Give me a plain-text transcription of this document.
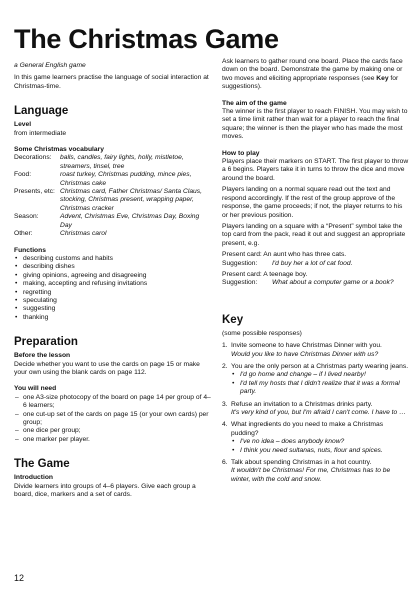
The Christmas Game

a General English game

In this game learners practise the language of social interaction at Christmas-time.

Language
Level

from intermediate

Some Christmas vocabulary
Decorations:	balls, candles, fairy lights, holly, mistletoe, streamers, tinsel, tree
Food:	roast turkey, Christmas pudding, mince pies, Christmas cake
Presents, etc: Christmas card, Father Christmas/ Santa Claus, stocking, Christmas present, wrapping paper, Christmas cracker
Season:	Advent, Christmas Eve, Christmas Day, Boxing Day
Other:	Christmas carol
Functions
• describing customs and habits
• describing dishes
• giving opinions, agreeing and disagreeing
• making, accepting and refusing invitations
• regretting
• speculating
• suggesting
• thanking
Preparation
Before the lesson

Decide whether you want to use the cards on page 15 or make your own using the blank cards on page 112.

You will need
– one A3-size photocopy of the board on page 14 per group of 4–6 learners;
– one cut-up set of the cards on page 15 (or your own cards) per group;
– one dice per group;
– one marker per player.
The Game
Introduction

Divide learners into groups of 4–6 players. Give each group a board, dice, markers and a set of cards.

Ask learners to gather round one board. Place the cards face down on the board. Demonstrate the game by making one or two moves and eliciting appropriate responses (see Key for suggestions).

The aim of the game

The winner is the first player to reach FINISH. You may wish to set a time limit rather than wait for a player to reach the final square; the winner is then the player who has made the most moves.

How to play

Players place their markers on START. The first player to throw a 6 begins. Players take it in turns to throw the dice and move around the board.

Players landing on a normal square read out the text and respond accordingly. If the rest of the group approve of the response, the game proceeds; if not, the player returns to his or her previous position.

Players landing on a square with a “Present” symbol take the top card from the pack, read it out and suggest an appropriate present, e.g.

Present card: An aunt who has three cats.

Suggestion:	I'd buy her a lot of cat food.

Present card: A teenage boy.

Suggestion:	What about a computer game or a book?
Key

(some possible responses)

1. Invite someone to have Christmas Dinner with you.

Would you like to have Christmas Dinner with us?

2. You are the only person at a Christmas party wearing jeans.

• I'd go home and change – if I lived nearby!
• I'd tell my hosts that I didn't realize that it was a formal party.
3. Refuse an invitation to a Christmas drinks party.

It's very kind of you, but I'm afraid I can't come. I have to …

4. What ingredients do you need to make a Christmas pudding?

• I've no idea – does anybody know?
• I think you need sultanas, nuts, flour and spices.
6. Talk about spending Christmas in a hot country.

It wouldn't be Christmas! For me, Christmas has to be winter, with the cold and snow.

12
